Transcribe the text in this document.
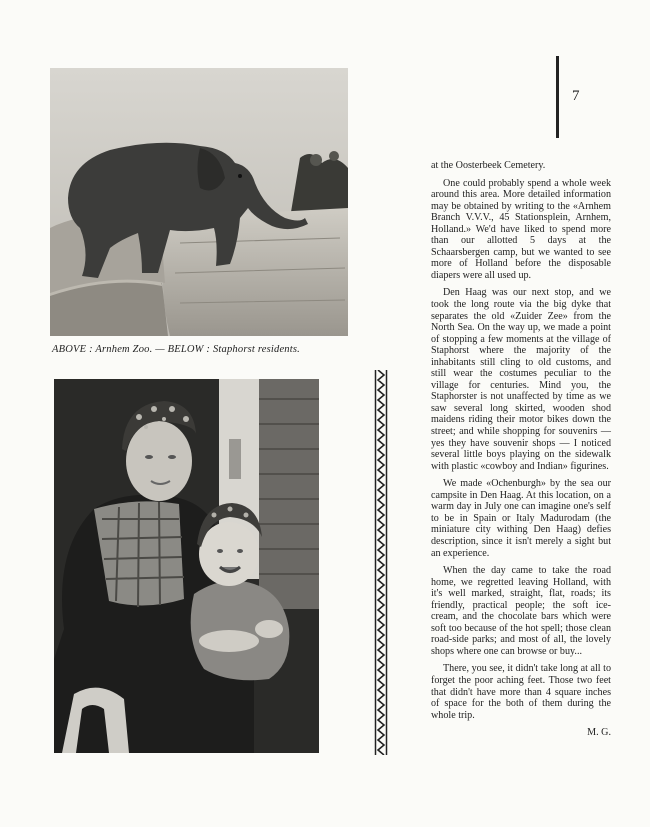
7
ABOVE : Arnhem Zoo. — BELOW : Staphorst residents.

at the Oosterbeek Cemetery.

One could probably spend a whole week around this area. More detailed information may be obtained by writing to the «Arnhem Branch V.V.V., 45 Stationsplein, Arnhem, Holland.» We'd have liked to spend more than our allotted 5 days at the Schaarsbergen camp, but we wanted to see more of Holland before the disposable diapers were all used up.

Den Haag was our next stop, and we took the long route via the big dyke that separates the old «Zuider Zee» from the North Sea. On the way up, we made a point of stopping a few moments at the village of Staphorst where the majority of the inhabitants still cling to old customs, and still wear the costumes peculiar to the village for centuries. Mind you, the Staphorster is not unaffected by time as we saw several long skirted, wooden shod maidens riding their motor bikes down the street; and while shopping for souvenirs — yes they have souvenir shops — I noticed several little boys playing on the sidewalk with plastic «cowboy and Indian» figurines.

We made «Ochenburgh» by the sea our campsite in Den Haag. At this location, on a warm day in July one can imagine one's self to be in Spain or Italy Madurodam (the miniature city withing Den Haag) defies description, since it isn't merely a sight but an experience.

When the day came to take the road home, we regretted leaving Holland, with it's well marked, straight, flat, roads; its friendly, practical people; the soft ice-cream, and the chocolate bars which were soft too because of the hot spell; those clean road-side parks; and most of all, the lovely shops where one can browse or buy...

There, you see, it didn't take long at all to forget the poor aching feet. Those two feet that didn't have more than 4 square inches of space for the both of them during the whole trip.

M. G.
